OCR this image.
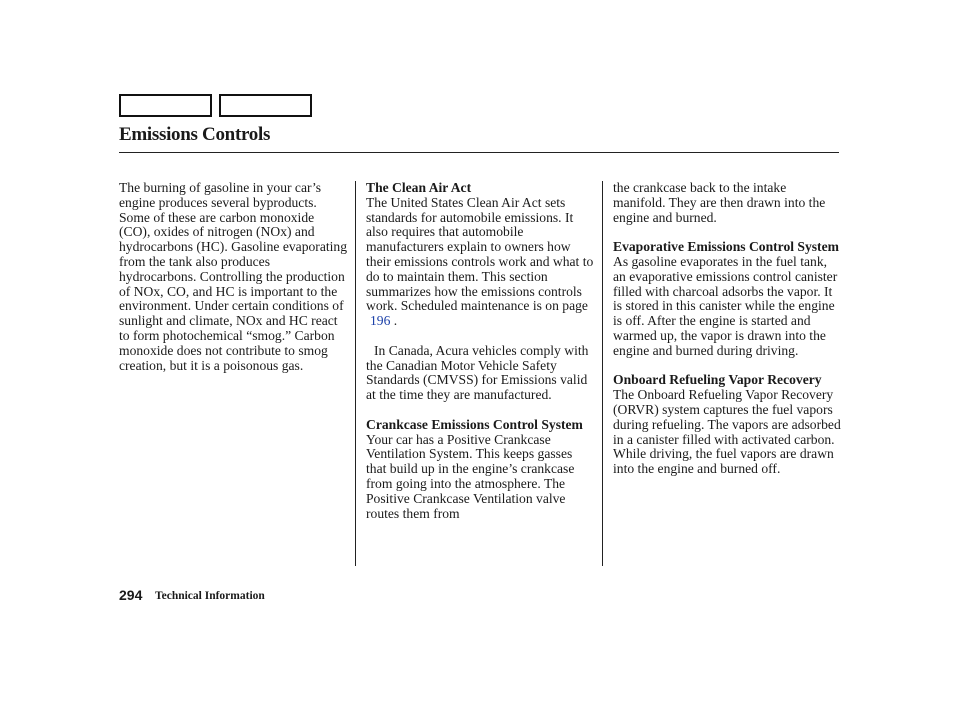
Emissions Controls

The burning of gasoline in your car’s engine produces several byproducts. Some of these are carbon monoxide (CO), oxides of nitrogen (NOx) and hydrocarbons (HC). Gasoline evaporating from the tank also produces hydrocarbons. Controlling the production of NOx, CO, and HC is important to the environment. Under certain conditions of sunlight and climate, NOx and HC react to form photochemical “smog.” Carbon monoxide does not contribute to smog creation, but it is a poisonous gas.

The Clean Air Act

The United States Clean Air Act sets standards for automobile emissions. It also requires that automobile manufacturers explain to owners how their emissions controls work and what to do to maintain them. This section summarizes how the emissions controls work. Scheduled maintenance is on page
196 .

In Canada, Acura vehicles comply with the Canadian Motor Vehicle Safety Standards (CMVSS) for Emissions valid at the time they are manufactured.

Crankcase Emissions Control System

Your car has a Positive Crankcase Ventilation System. This keeps gasses that build up in the engine’s crankcase from going into the atmosphere. The Positive Crankcase Ventilation valve routes them from

the crankcase back to the intake manifold. They are then drawn into the engine and burned.

Evaporative Emissions Control System

As gasoline evaporates in the fuel tank, an evaporative emissions control canister filled with charcoal adsorbs the vapor. It is stored in this canister while the engine is off. After the engine is started and warmed up, the vapor is drawn into the engine and burned during driving.

Onboard Refueling Vapor Recovery

The Onboard Refueling Vapor Recovery (ORVR) system captures the fuel vapors during refueling. The vapors are adsorbed in a canister filled with activated carbon. While driving, the fuel vapors are drawn into the engine and burned off.

294 Technical Information
